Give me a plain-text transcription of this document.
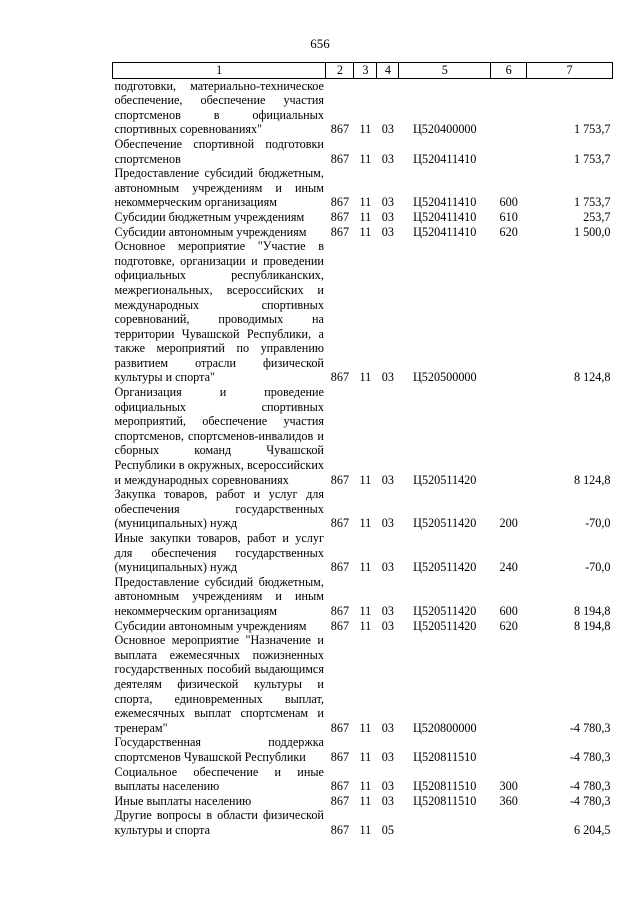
656
1	2	3	4	5	6	7
подготовки, материально-техническое обеспечение, обеспечение участия спортсменов в официальных спортивных соревнованиях"	867	11	03	Ц520400000		1 753,7
Обеспечение спортивной подготовки спортсменов	867	11	03	Ц520411410		1 753,7
Предоставление субсидий бюджетным, автономным учреждениям и иным некоммерческим организациям	867	11	03	Ц520411410	600	1 753,7
Субсидии бюджетным учреждениям	867	11	03	Ц520411410	610	253,7
Субсидии автономным учреждениям	867	11	03	Ц520411410	620	1 500,0
Основное мероприятие "Участие в подготовке, организации и проведении официальных республиканских, межрегиональных, всероссийских и международных спортивных соревнований, проводимых на территории Чувашской Республики, а также мероприятий по управлению развитием отрасли физической культуры и спорта"	867	11	03	Ц520500000		8 124,8
Организация и проведение официальных спортивных мероприятий, обеспечение участия спортсменов, спортсменов-инвалидов и сборных команд Чувашской Республики в окружных, всероссийских и международных соревнованиях	867	11	03	Ц520511420		8 124,8
Закупка товаров, работ и услуг для обеспечения государственных (муниципальных) нужд	867	11	03	Ц520511420	200	-70,0
Иные закупки товаров, работ и услуг для обеспечения государственных (муниципальных) нужд	867	11	03	Ц520511420	240	-70,0
Предоставление субсидий бюджетным, автономным учреждениям и иным некоммерческим организациям	867	11	03	Ц520511420	600	8 194,8
Субсидии автономным учреждениям	867	11	03	Ц520511420	620	8 194,8
Основное мероприятие "Назначение и выплата ежемесячных пожизненных государственных пособий выдающимся деятелям физической культуры и спорта, единовременных выплат, ежемесячных выплат спортсменам и тренерам"	867	11	03	Ц520800000		-4 780,3
Государственная поддержка спортсменов Чувашской Республики	867	11	03	Ц520811510		-4 780,3
Социальное обеспечение и иные выплаты населению	867	11	03	Ц520811510	300	-4 780,3
Иные выплаты населению	867	11	03	Ц520811510	360	-4 780,3
Другие вопросы в области физической культуры и спорта	867	11	05			6 204,5
